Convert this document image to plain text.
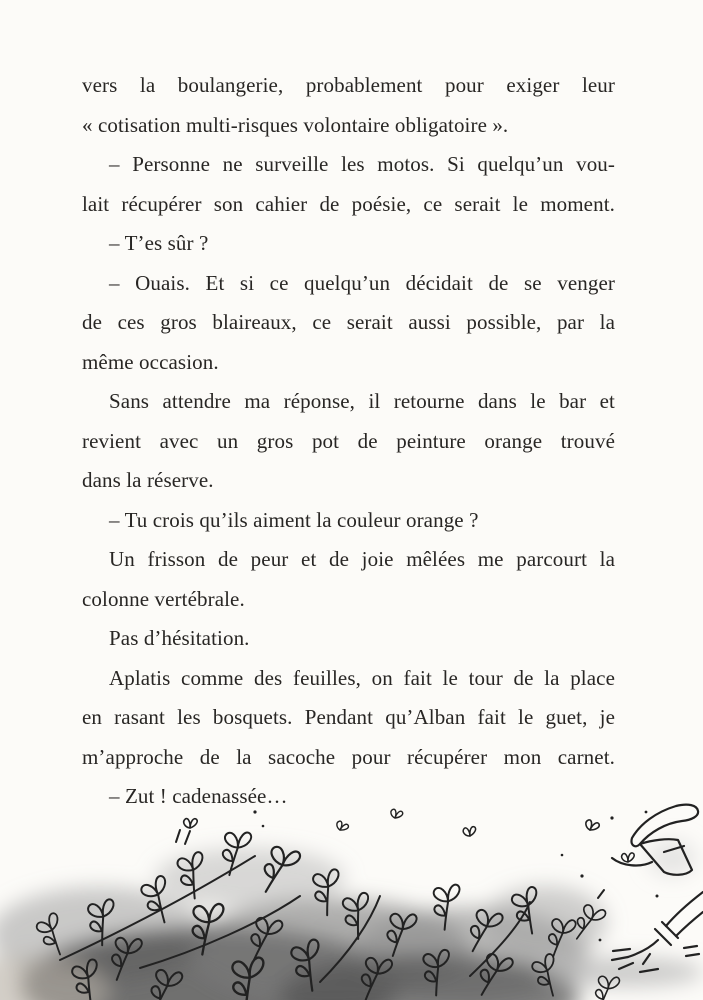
vers la boulangerie, probablement pour exiger leur
« cotisation multi-risques volontaire obligatoire ».
– Personne ne surveille les motos. Si quelqu’un vou-
lait récupérer son cahier de poésie, ce serait le moment.
– T’es sûr ?
– Ouais. Et si ce quelqu’un décidait de se venger
de ces gros blaireaux, ce serait aussi possible, par la
même occasion.
Sans attendre ma réponse, il retourne dans le bar et
revient avec un gros pot de peinture orange trouvé
dans la réserve.
– Tu crois qu’ils aiment la couleur orange ?
Un frisson de peur et de joie mêlées me parcourt la
colonne vertébrale.
Pas d’hésitation.
Aplatis comme des feuilles, on fait le tour de la place
en rasant les bosquets. Pendant qu’Alban fait le guet, je
m’approche de la sacoche pour récupérer mon carnet.
– Zut ! cadenassée…
